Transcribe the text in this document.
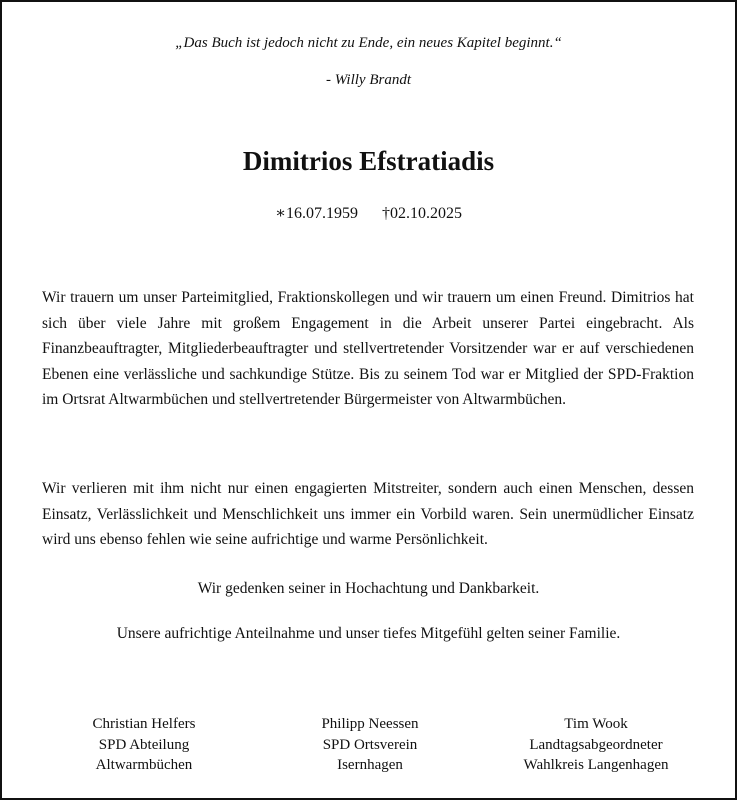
„Das Buch ist jedoch nicht zu Ende, ein neues Kapitel beginnt.“
- Willy Brandt
Dimitrios Efstratiadis
∗16.07.1959 †02.10.2025
Wir trauern um unser Parteimitglied, Fraktionskollegen und wir trauern um einen Freund. Dimitrios hat sich über viele Jahre mit großem Engagement in die Arbeit unserer Partei eingebracht. Als Finanzbeauftragter, Mitgliederbeauftragter und stellvertretender Vorsitzender war er auf verschiedenen Ebenen eine verlässliche und sachkundige Stütze. Bis zu seinem Tod war er Mitglied der SPD-Fraktion im Ortsrat Altwarmbüchen und stellvertretender Bürgermeister von Altwarmbüchen.
Wir verlieren mit ihm nicht nur einen engagierten Mitstreiter, sondern auch einen Menschen, dessen Einsatz, Verlässlichkeit und Menschlichkeit uns immer ein Vorbild waren. Sein unermüdlicher Einsatz wird uns ebenso fehlen wie seine aufrichtige und warme Persönlichkeit.
Wir gedenken seiner in Hochachtung und Dankbarkeit.
Unsere aufrichtige Anteilnahme und unser tiefes Mitgefühl gelten seiner Familie.
Christian Helfers
SPD Abteilung
Altwarmbüchen
Philipp Neessen
SPD Ortsverein
Isernhagen
Tim Wook
Landtagsabgeordneter
Wahlkreis Langenhagen
